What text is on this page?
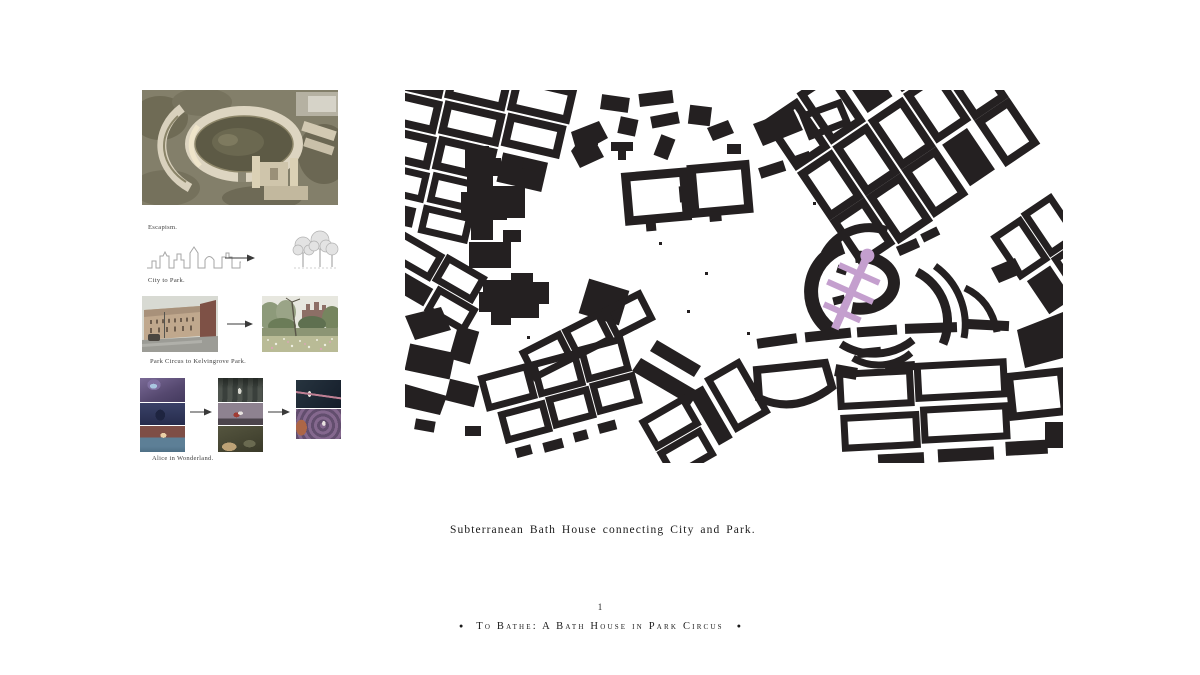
Escapism.
City to Park.
Park Circus to Kelvingrove Park.
Alice in Wonderland.
Subterranean Bath House connecting City and Park.
1
● To Bathe: A Bath House in Park Circus ●
